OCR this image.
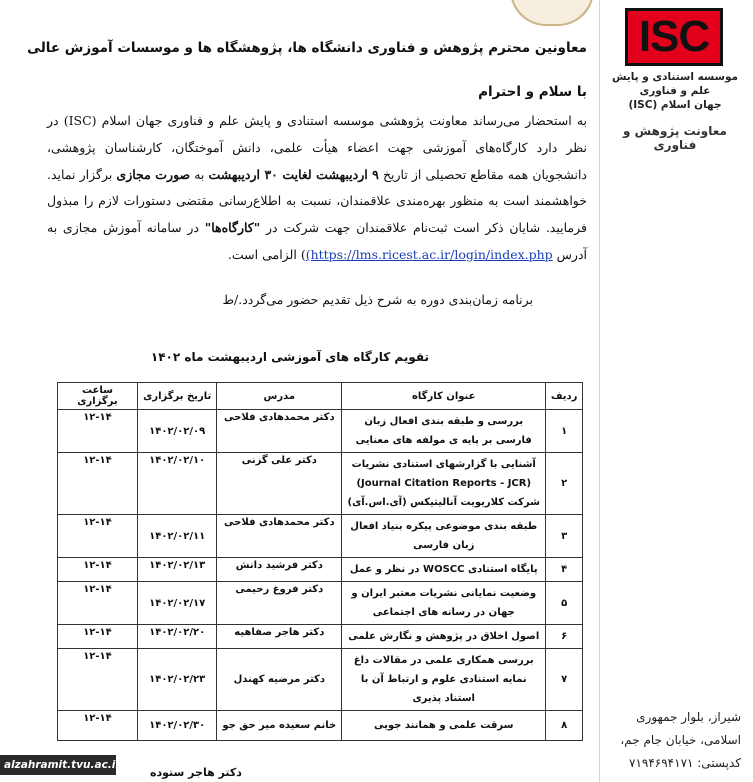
ISC
موسسه استنادی و پایش علم و فناوری
جهان اسلام (ISC)
معاونت پژوهش و فناوری
شیراز، بلوار جمهوری
اسلامی، خیابان جام جم،
کدپستی: ۷۱۹۴۶۹۴۱۷۱
معاونین محترم پژوهش و فناوری دانشگاه ها، پژوهشگاه ها و موسسات آموزش عالی
با سلام و احترام
به استحضار می‌رساند معاونت پژوهشی موسسه استنادی و پایش علم و فناوری جهان اسلام (ISC) در نظر دارد کارگاه‌های آموزشی جهت اعضاء هیأت علمی، دانش آموختگان، کارشناسان پژوهشی، دانشجویان همه مقاطع تحصیلی از تاریخ ۹ اردیبهشت لغایت ۳۰ اردیبهشت به صورت مجازی برگزار نماید. خواهشمند است به منظور بهره‌مندی علاقمندان، نسبت به اطلاع‌رسانی مقتضی دستورات لازم را مبذول فرمایید. شایان ذکر است ثبت‌نام علاقمندان جهت شرکت در "کارگاه‌ها" در سامانه آموزش مجازی به آدرس (https://lms.ricest.ac.ir/login/index.php) الزامی است.
برنامه زمان‌بندی دوره به شرح ذیل تقدیم حضور می‌گردد./ط
تقویم کارگاه های آموزشی اردیبهشت ماه ۱۴۰۲
ردیف	عنوان کارگاه	مدرس	تاریخ برگزاری	ساعت برگزاری
۱	بررسی و طبقه بندی افعال زبان فارسی بر پایه ی مولفه های معنایی	دکتر محمدهادی فلاحی	۱۴۰۲/۰۲/۰۹	۱۲-۱۴
۲	آشنایی با گزارشهای استنادی نشریات (Journal Citation Reports - JCR) شرکت کلاریویت آنالیتیکس (آی.اس.آی)	دکتر علی گزنی	۱۴۰۲/۰۲/۱۰	۱۲-۱۴
۳	طبقه بندی موضوعی پیکره بنیاد افعال زبان فارسی	دکتر محمدهادی فلاحی	۱۴۰۲/۰۲/۱۱	۱۲-۱۴
۴	پایگاه استنادی WOSCC در نظر و عمل	دکتر فرشید دانش	۱۴۰۲/۰۲/۱۳	۱۲-۱۴
۵	وضعیت نمایانی نشریات معتبر ایران و جهان در رسانه های اجتماعی	دکتر فروغ رحیمی	۱۴۰۲/۰۲/۱۷	۱۲-۱۴
۶	اصول اخلاق در پژوهش و نگارش علمی	دکتر هاجر صفاهیه	۱۴۰۲/۰۲/۲۰	۱۲-۱۴
۷	بررسی همکاری علمی در مقالات داغ نمایه استنادی علوم و ارتباط آن با استناد پذیری	دکتر مرضیه کهندل	۱۴۰۲/۰۲/۲۳	۱۲-۱۴
۸	سرقت علمی و همانند جویی	خانم سعیده میر حق جو	۱۴۰۲/۰۲/۳۰	۱۲-۱۴
دکتر هاجر ستوده
alzahramit.tvu.ac.ir
